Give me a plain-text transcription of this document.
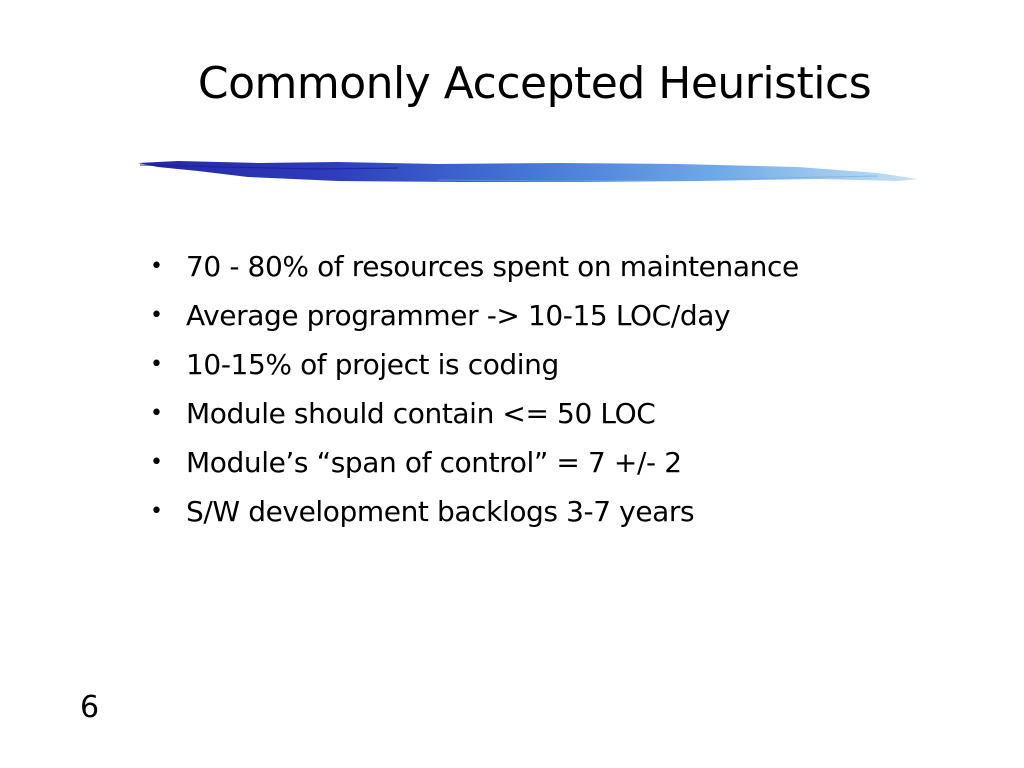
Commonly Accepted Heuristics
• 70 - 80% of resources spent on maintenance
• Average programmer -> 10-15 LOC/day
• 10-15% of project is coding
• Module should contain <= 50 LOC
• Module’s “span of control” = 7 +/- 2
• S/W development backlogs 3-7 years
6
